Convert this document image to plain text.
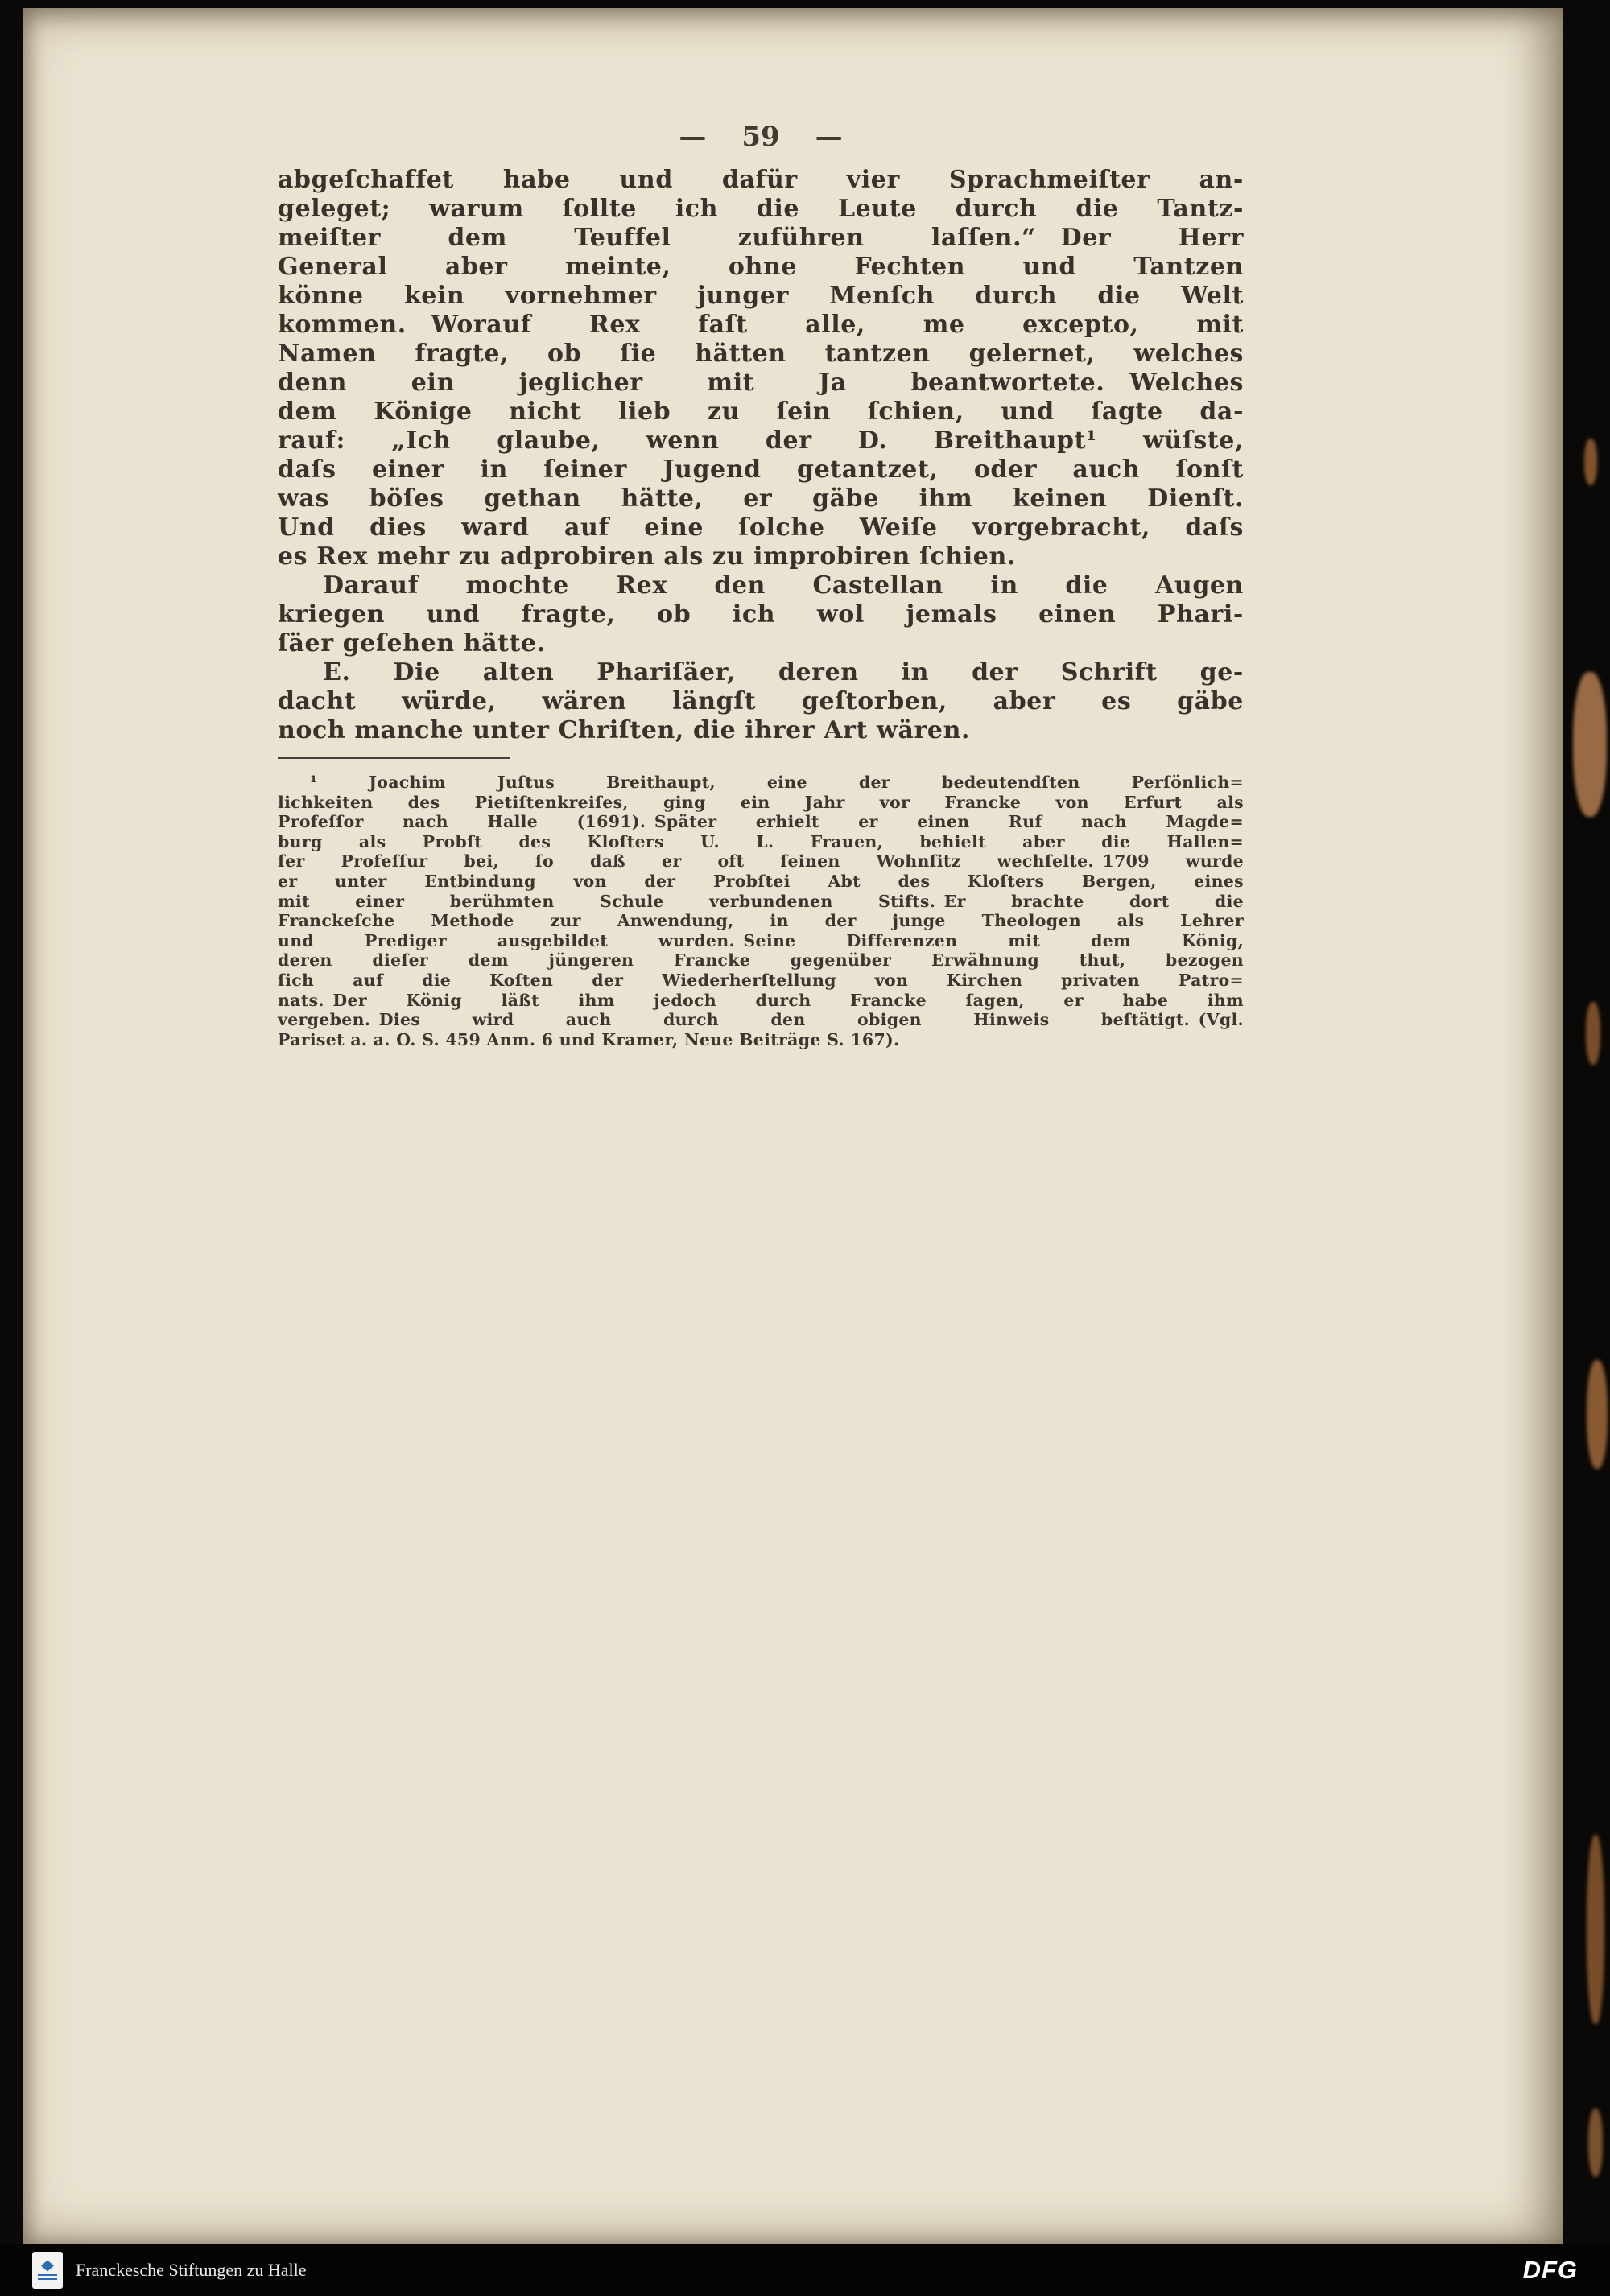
— 59 —
abgeſchaffet habe und dafür vier Sprachmeiſter an-
geleget; warum ſollte ich die Leute durch die Tantz-
meiſter dem Teuffel zuführen laſſen.“ Der Herr
General aber meinte, ohne Fechten und Tantzen
könne kein vornehmer junger Menſch durch die Welt
kommen. Worauf Rex faſt alle, me excepto, mit
Namen fragte, ob ſie hätten tantzen gelernet, welches
denn ein jeglicher mit Ja beantwortete. Welches
dem Könige nicht lieb zu ſein ſchien, und ſagte da-
rauf: „Ich glaube, wenn der D. Breithaupt¹ wüſste,
daſs einer in ſeiner Jugend getantzet, oder auch ſonſt
was böſes gethan hätte, er gäbe ihm keinen Dienſt.
Und dies ward auf eine ſolche Weiſe vorgebracht, daſs
es Rex mehr zu adprobiren als zu improbiren ſchien.
Darauf mochte Rex den Castellan in die Augen
kriegen und fragte, ob ich wol jemals einen Phari-
ſäer geſehen hätte.
E. Die alten Phariſäer, deren in der Schrift ge-
dacht würde, wären längſt geſtorben, aber es gäbe
noch manche unter Chriſten, die ihrer Art wären.
¹ Joachim Juſtus Breithaupt, eine der bedeutendſten Perſönlich=
lichkeiten des Pietiſtenkreiſes, ging ein Jahr vor Francke von Erfurt als
Profeſſor nach Halle (1691). Später erhielt er einen Ruf nach Magde=
burg als Probſt des Kloſters U. L. Frauen, behielt aber die Hallen=
ſer Profeſſur bei, ſo daß er oft ſeinen Wohnſitz wechſelte. 1709 wurde
er unter Entbindung von der Probſtei Abt des Kloſters Bergen, eines
mit einer berühmten Schule verbundenen Stifts. Er brachte dort die
Franckeſche Methode zur Anwendung, in der junge Theologen als Lehrer
und Prediger ausgebildet wurden. Seine Differenzen mit dem König,
deren dieſer dem jüngeren Francke gegenüber Erwähnung thut, bezogen
ſich auf die Koſten der Wiederherſtellung von Kirchen privaten Patro=
nats. Der König läßt ihm jedoch durch Francke ſagen, er habe ihm
vergeben. Dies wird auch durch den obigen Hinweis beſtätigt. (Vgl.
Pariset a. a. O. S. 459 Anm. 6 und Kramer, Neue Beiträge S. 167).
Franckesche Stiftungen zu Halle	DFG
